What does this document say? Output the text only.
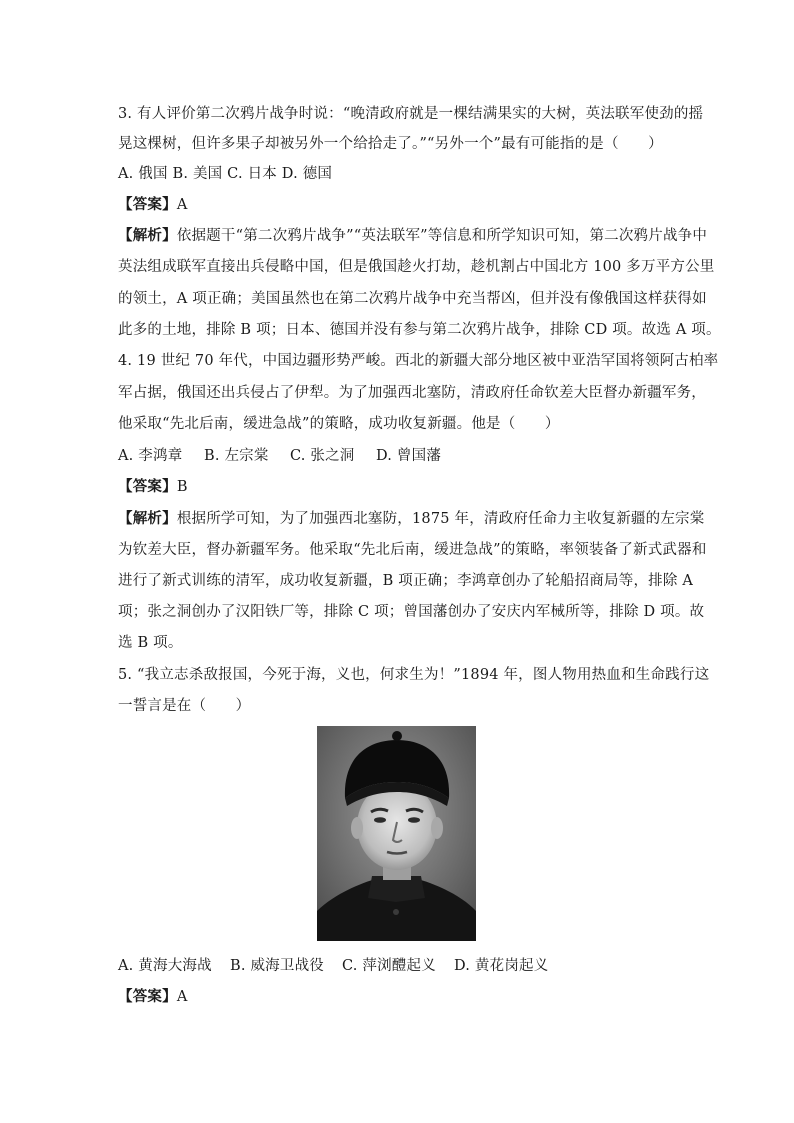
3. 有人评价第二次鸦片战争时说：“晚清政府就是一棵结满果实的大树，英法联军使劲的摇
晃这棵树，但许多果子却被另外一个给拾走了。”“另外一个”最有可能指的是（　　）
A. 俄国 B. 美国 C. 日本 D. 德国
【答案】A
【解析】依据题干“第二次鸦片战争”“英法联军”等信息和所学知识可知，第二次鸦片战争中
英法组成联军直接出兵侵略中国，但是俄国趁火打劫，趁机割占中国北方 100 多万平方公里
的领土，A 项正确；美国虽然也在第二次鸦片战争中充当帮凶，但并没有像俄国这样获得如
此多的土地，排除 B 项；日本、德国并没有参与第二次鸦片战争，排除 CD 项。故选 A 项。
4. 19 世纪 70 年代，中国边疆形势严峻。西北的新疆大部分地区被中亚浩罕国将领阿古柏率
军占据，俄国还出兵侵占了伊犁。为了加强西北塞防，清政府任命钦差大臣督办新疆军务，
他采取“先北后南，缓进急战”的策略，成功收复新疆。他是（　　）
A. 李鸿章 B. 左宗棠 C. 张之洞 D. 曾国藩
【答案】B
【解析】根据所学可知，为了加强西北塞防，1875 年，清政府任命力主收复新疆的左宗棠
为钦差大臣，督办新疆军务。他采取“先北后南，缓进急战”的策略，率领装备了新式武器和
进行了新式训练的清军，成功收复新疆，B 项正确；李鸿章创办了轮船招商局等，排除 A
项；张之洞创办了汉阳铁厂等，排除 C 项；曾国藩创办了安庆内军械所等，排除 D 项。故
选 B 项。
5. “我立志杀敌报国，今死于海，义也，何求生为！”1894 年，图人物用热血和生命践行这
一誓言是在（　　）
A. 黄海大海战 B. 威海卫战役 C. 萍浏醴起义 D. 黄花岗起义
【答案】A
